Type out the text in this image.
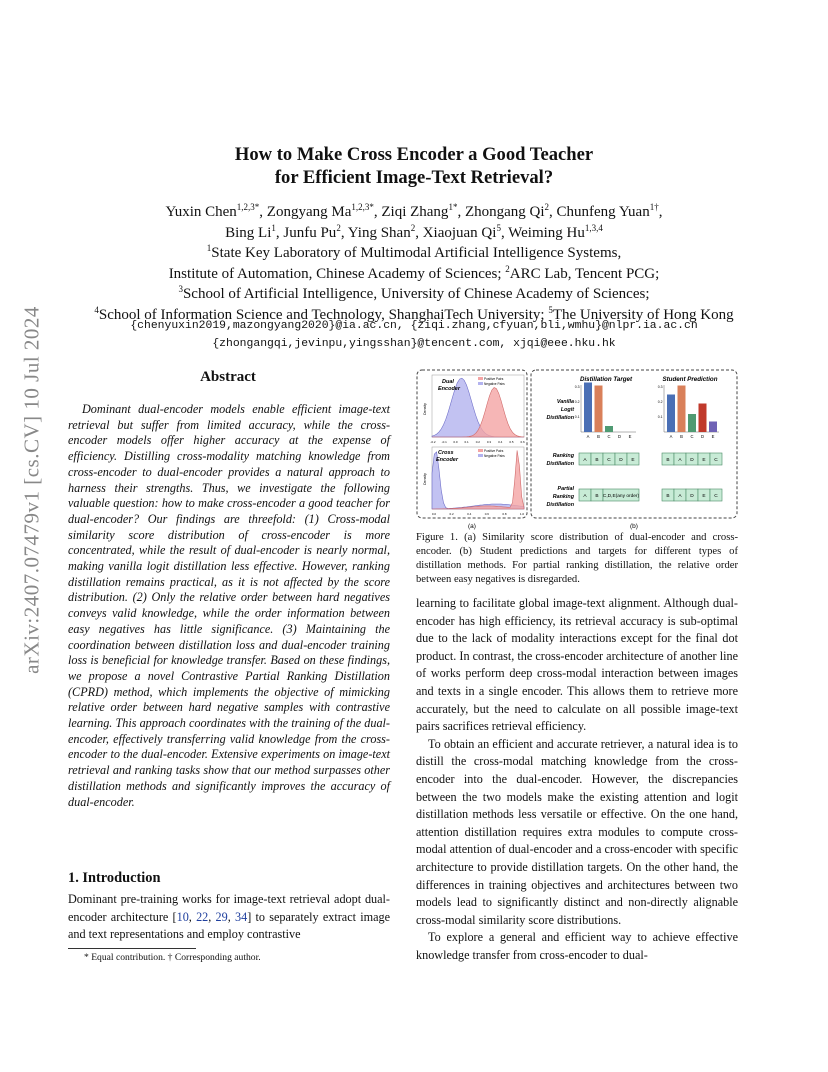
arXiv:2407.07479v1 [cs.CV] 10 Jul 2024
How to Make Cross Encoder a Good Teacher
for Efficient Image-Text Retrieval?
Yuxin Chen$^{1,2,3*}$, Zongyang $Ma^{1,2,3*}$, Ziqi Zhang$^{1*}$, Zhongang Qi$^2$, Chunfeng Yuan$^{1\dagger}$,
Bing Li$^1$, Junfu Pu$^2$, Ying Shan$^2$, Xiaojuan Qi$^5$, Weiming Hu$^{1,3,4}$
$^1$State Key Laboratory of Multimodal Artificial Intelligence Systems,
Institute of Automation, Chinese Academy of Sciences; $^2$ARC Lab, Tencent PCG;
$^3$School of Artificial Intelligence, University of Chinese Academy of Sciences;
$^4$School of Information Science and Technology, ShanghaiTech University; $^5$The University of Hong Kong
{chenyuxin2019,mazongyang2020}@ia.ac.cn, {ziqi.zhang,cfyuan,bli,wmhu}@nlpr.ia.ac.cn
{zhongangqi,jevinpu,yingsshan}@tencent.com, xjqi@eee.hku.hk
Abstract

Dominant dual-encoder models enable efficient image-text retrieval but suffer from limited accuracy, while the cross-encoder models offer higher accuracy at the expense of efficiency. Distilling cross-modality matching knowledge from cross-encoder to dual-encoder provides a natural approach to harness their strengths. Thus, we investigate the following valuable question: how to make cross-encoder a good teacher for dual-encoder? Our findings are threefold: (1) Cross-modal similarity score distribution of cross-encoder is more concentrated, while the result of dual-encoder is nearly normal, making vanilla logit distillation less effective. However, ranking distillation remains practical, as it is not affected by the score distribution. (2) Only the relative order between hard negatives conveys valid knowledge, while the order information between easy negatives has little significance. (3) Maintaining the coordination between distillation loss and dual-encoder training loss is beneficial for knowledge transfer. Based on these findings, we propose a novel Contrastive Partial Ranking Distillation (CPRD) method, which implements the objective of mimicking relative order between hard negative samples with contrastive learning. This approach coordinates with the training of the dual-encoder, effectively transferring valid knowledge from the cross-encoder to the dual-encoder. Extensive experiments on image-text retrieval and ranking tasks show that our method surpasses other distillation methods and significantly improves the accuracy of dual-encoder.

1. Introduction

Dominant pre-training works for image-text retrieval adopt dual-encoder architecture [10, 22, 29, 34] to separately extract image and text representations and employ contrastive

* Equal contribution. † Corresponding author.
Dual
Encoder
Positive Pairs
Negative Pairs
-0.2 -0.1 0.0 0.1 0.2 0.3 0.4 0.5 0.6
Density
Cross
Encoder
Positive Pairs
Negative Pairs
0.0	0.2	0.4	0.6	0.8	1.0
Density
Distillation Target	Student Prediction
Vanilla
Logit
Distillation
Ranking
Distillation
Partial
Ranking
Distillation
0.1
0.2
0.3
A B C D E
0.1
0.2
0.3
A B C D E
A B C D E	B A D E C
A B C,D,E(any order)	B A D E C
(a)	(b)

Figure 1. (a) Similarity score distribution of dual-encoder and cross-encoder. (b) Student predictions and targets for different types of distillation methods. For partial ranking distillation, the relative order between easy negatives is disregarded.

learning to facilitate global image-text alignment. Although dual-encoder has high efficiency, its retrieval accuracy is sub-optimal due to the lack of modality interactions except for the final dot product. In contrast, the cross-encoder architecture of another line of works perform deep cross-modal interaction between images and texts in a single encoder. This allows them to retrieve more accurately, but the need to calculate on all possible image-text pairs sacrifices retrieval efficiency.

To obtain an efficient and accurate retriever, a natural idea is to distill the cross-modal matching knowledge from the cross-encoder into the dual-encoder. However, the discrepancies between the two models make the existing attention and logit distillation methods less versatile or effective. On the one hand, attention distillation requires extra modules to compute cross-modal attention of dual-encoder and a cross-encoder with specific architecture to provide distillation targets. On the other hand, the differences in training objectives and architectures between two models lead to significantly distinct and non-directly alignable cross-modal similarity score distributions.

To explore a general and efficient way to achieve effective knowledge transfer from cross-encoder to dual-
